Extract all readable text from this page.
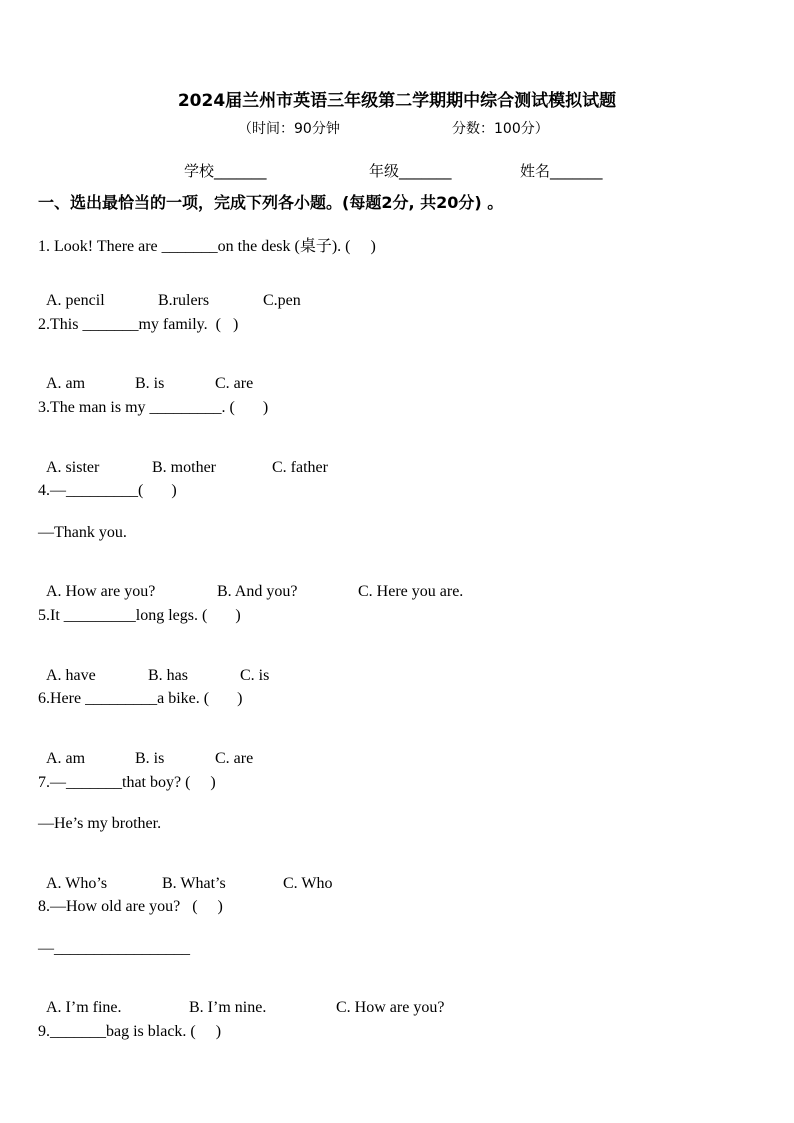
2024届兰州市英语三年级第二学期期中综合测试模拟试题
（时间：90分钟	分数：100分）
学校_______	年级_______	姓名_______
一、选出最恰当的一项，完成下列各小题。(每题2分, 共20分) 。
1. Look! There are _______on the desk (桌子). (     )

A. pencil	B.rulers	C.pen

2.This _______my family.  (   )

A. am	B. is	C. are

3.The man is my _________. (       )

A. sister	B. mother	C. father

4.—_________(       )
—Thank you.

A. How are you?	B. And you?	C. Here you are.

5.It _________long legs. (       )

A. have	B. has	C. is

6.Here _________a bike. (       )

A. am	B. is	C. are

7.—_______that boy? (     )
—He’s my brother.

A. Who’s	B. What’s	C. Who

8.—How old are you?   (     )
—_________________

A. I’m fine.	B. I’m nine.	C. How are you?

9._______bag is black. (     )
